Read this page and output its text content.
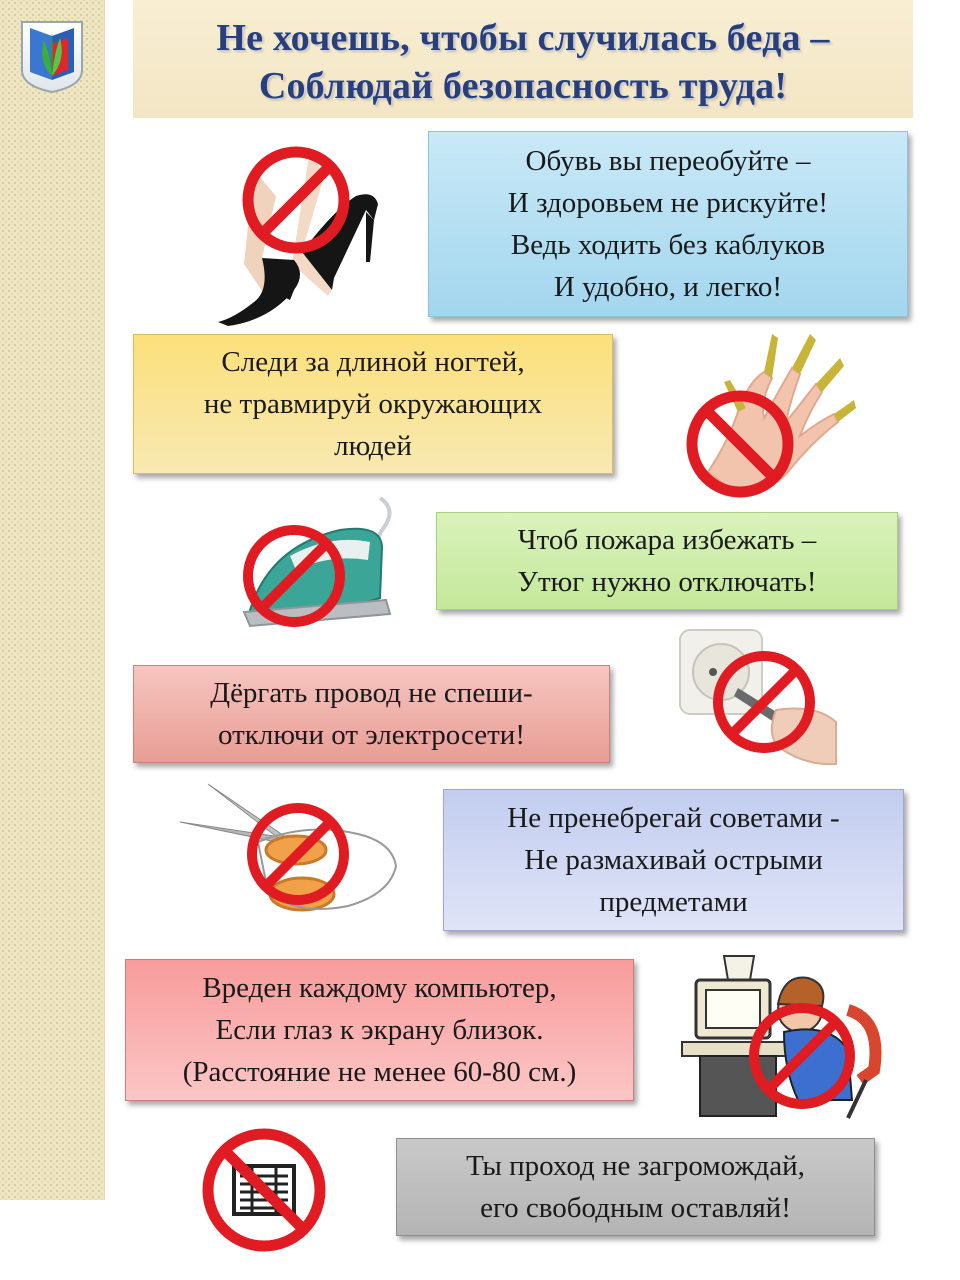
Не хочешь, чтобы случилась беда –
Соблюдай безопасность труда!
Обувь вы переобуйте –
И здоровьем не рискуйте!
Ведь ходить без каблуков
И удобно, и легко!
Следи за длиной ногтей,
не травмируй окружающих
людей
Чтоб пожара избежать –
Утюг нужно отключать!
Дёргать провод не спеши-
отключи от электросети!
Не пренебрегай советами -
Не размахивай острыми
предметами
Вреден каждому компьютер,
Если глаз к экрану близок.
(Расстояние не менее 60-80 см.)
Ты проход не загромождай,
его свободным оставляй!
